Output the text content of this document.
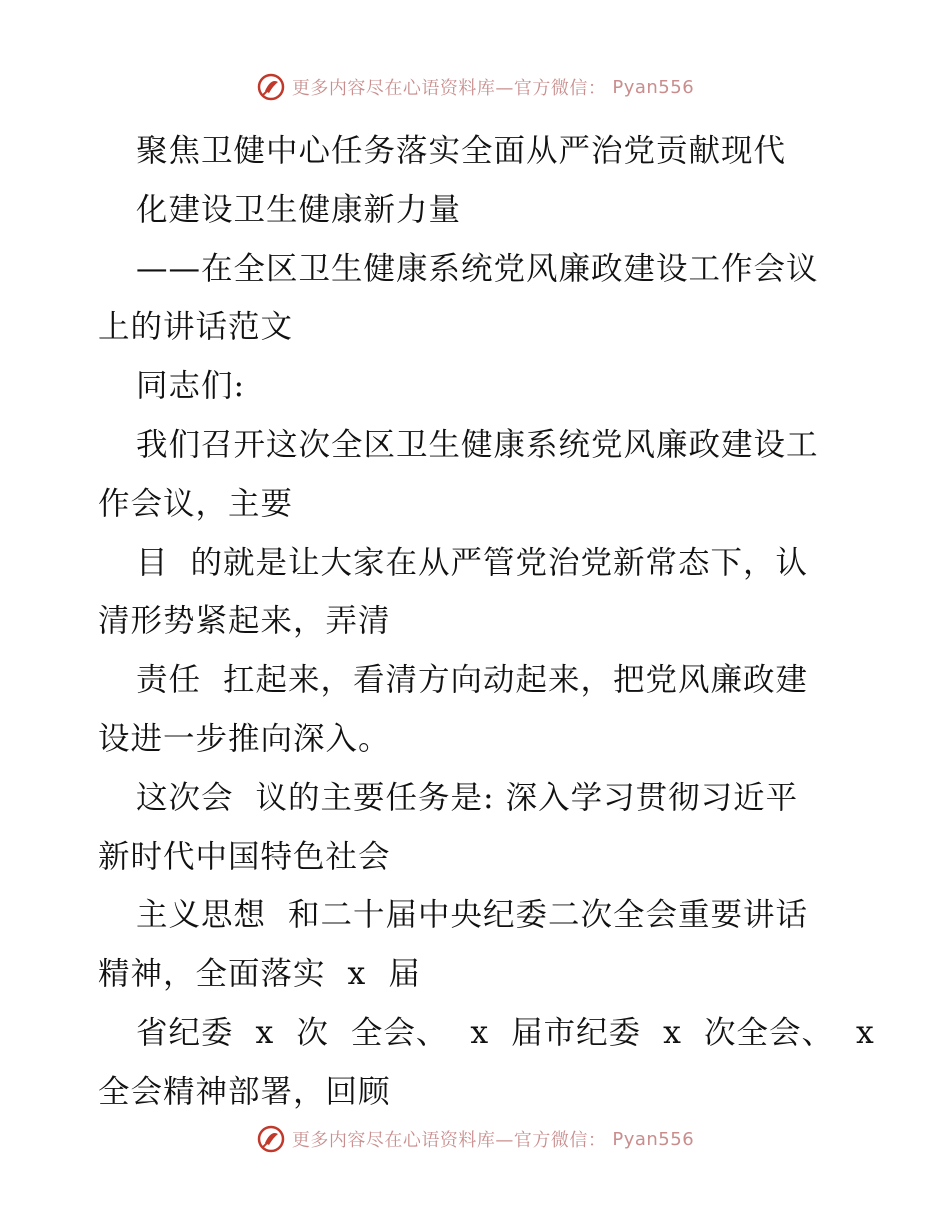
更多内容尽在心语资料库—官方微信： Pyan556
聚焦卫健中心任务落实全面从严治党贡献现代
化建设卫生健康新力量
——在全区卫生健康系统党风廉政建设工作会议
上的讲话范文
同志们:
我们召开这次全区卫生健康系统党风廉政建设工
作会议，主要
目  的就是让大家在从严管党治党新常态下，认
清形势紧起来，弄清
责任  扛起来，看清方向动起来，把党风廉政建
设进一步推向深入。
这次会  议的主要任务是: 深入学习贯彻习近平
新时代中国特色社会
主义思想  和二十届中央纪委二次全会重要讲话
精神，全面落实  x  届
省纪委  x  次  全会、  x  届市纪委  x  次全会、  x
全会精神部署，回顾
更多内容尽在心语资料库—官方微信： Pyan556
